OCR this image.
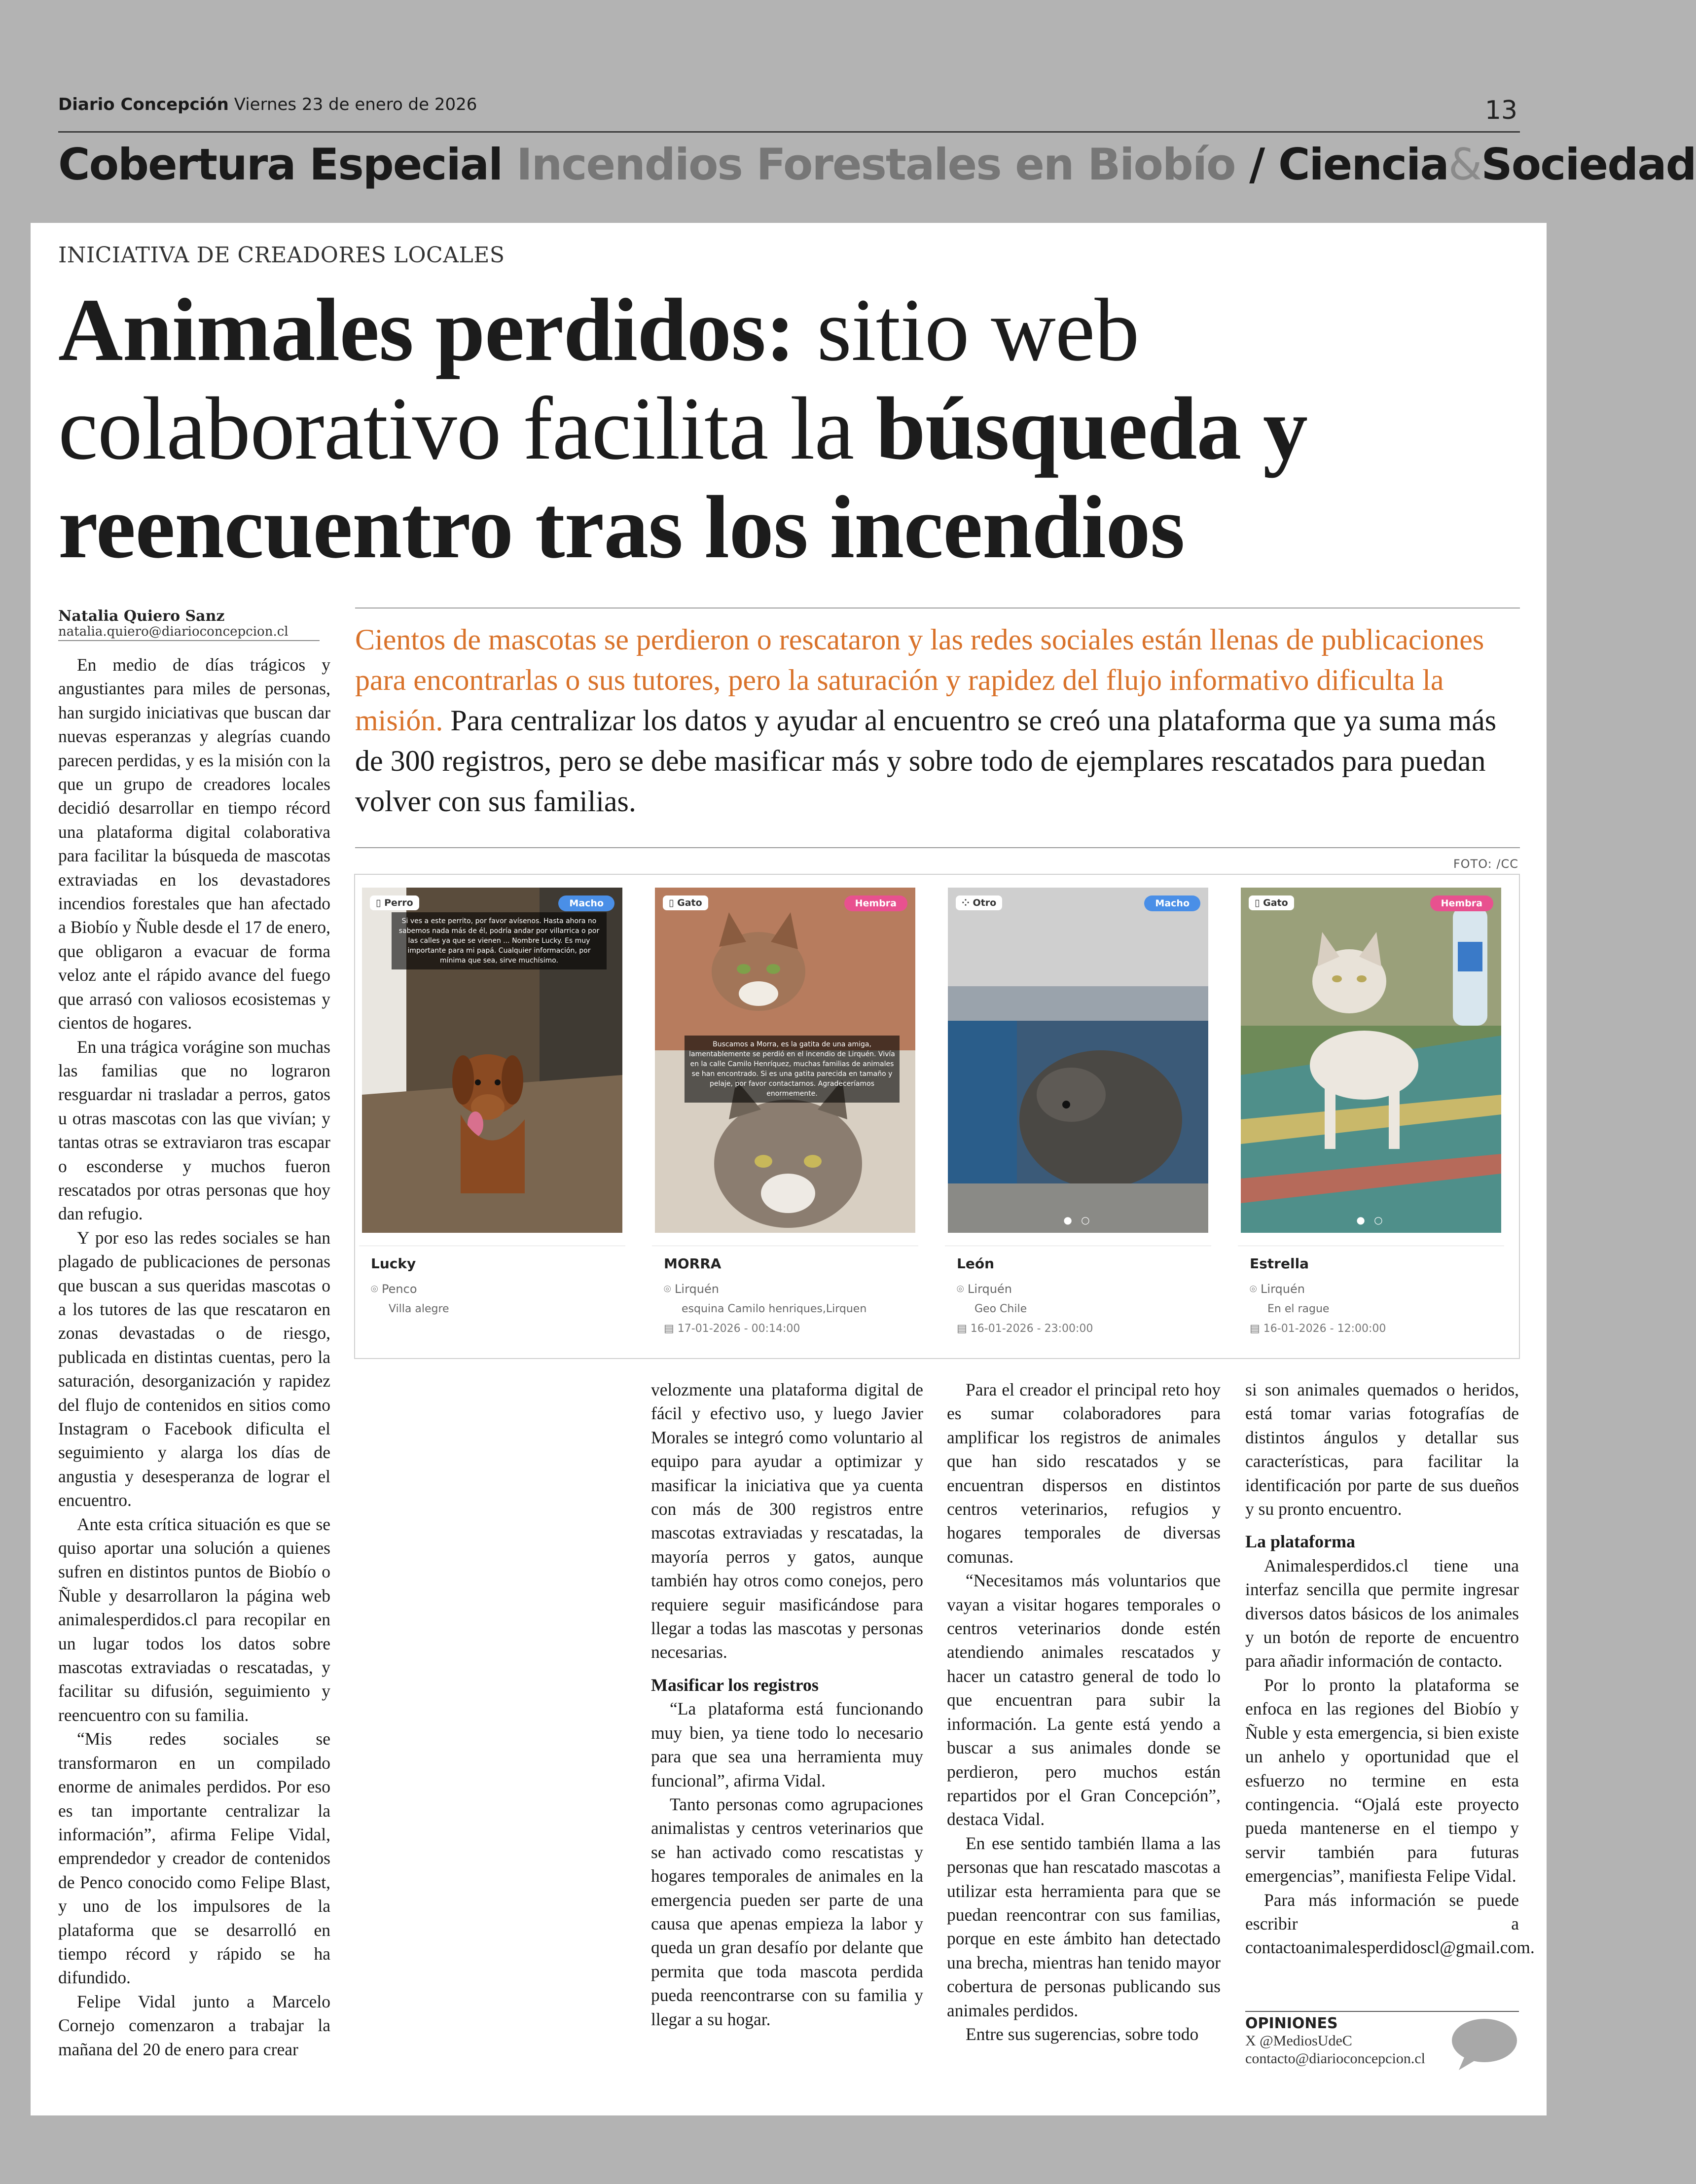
Diario Concepción Viernes 23 de enero de 2026	13
Cobertura Especial Incendios Forestales en Biobío / Ciencia&Sociedad
INICIATIVA DE CREADORES LOCALES
Animales perdidos: sitio web colaborativo facilita la búsqueda y reencuentro tras los incendios
Natalia Quiero Sanz
natalia.quiero@diarioconcepcion.cl Cientos de mascotas se perdieron o rescataron y las redes sociales están llenas de publicaciones para encontrarlas o sus tutores, pero la saturación y rapidez del flujo informativo dificulta la misión. Para centralizar los datos y ayudar al encuentro se creó una plataforma que ya suma más de 300 registros, pero se debe masificar más y sobre todo de ejemplares rescatados para puedan volver con sus familias.
FOTO: /CC
Si ves a este perrito, por favor avísenos. Hasta ahora no sabemos nada más de él, podría andar por villarrica o por las calles ya que se vienen ... Nombre Lucky. Es muy importante para mi papá. Cualquier información, por mínima que sea, sirve muchísimo.
▯ Perro	Macho
Lucky
⌾ Penco
Villa alegre
Buscamos a Morra, es la gatita de una amiga, lamentablemente se perdió en el incendio de Lirquén. Vivía en la calle Camilo Henríquez, muchas familias de animales se han encontrado. Si es una gatita parecida en tamaño y pelaje, por favor contactarnos. Agradeceríamos enormemente.
▯ Gato	Hembra
MORRA
⌾ Lirquén
esquina Camilo henriques,Lirquen
▤ 17-01-2026 - 00:14:00
⁘ Otro	Macho
● ○
León
⌾ Lirquén
Geo Chile
▤ 16-01-2026 - 23:00:00
▯ Gato	Hembra
● ○
Estrella
⌾ Lirquén
En el rague
▤ 16-01-2026 - 12:00:00

En medio de días trágicos y angustiantes para miles de personas, han surgido iniciativas que buscan dar nuevas esperanzas y alegrías cuando parecen perdidas, y es la misión con la que un grupo de creadores locales decidió desarrollar en tiempo récord una plataforma digital colaborativa para facilitar la búsqueda de mascotas extraviadas en los devastadores incendios forestales que han afectado a Biobío y Ñuble desde el 17 de enero, que obligaron a evacuar de forma veloz ante el rápido avance del fuego que arrasó con valiosos ecosistemas y cientos de hogares.

En una trágica vorágine son muchas las familias que no lograron resguardar ni trasladar a perros, gatos u otras mascotas con las que vivían; y tantas otras se extraviaron tras escapar o esconderse y muchos fueron rescatados por otras personas que hoy dan refugio.

Y por eso las redes sociales se han plagado de publicaciones de personas que buscan a sus queridas mascotas o a los tutores de las que rescataron en zonas devastadas o de riesgo, publicada en distintas cuentas, pero la saturación, desorganización y rapidez del flujo de contenidos en sitios como Instagram o Facebook dificulta el seguimiento y alarga los días de angustia y desesperanza de lograr el encuentro.

Ante esta crítica situación es que se quiso aportar una solución a quienes sufren en distintos puntos de Biobío o Ñuble y desarrollaron la página web animalesperdidos.cl para recopilar en un lugar todos los datos sobre mascotas extraviadas o rescatadas, y facilitar su difusión, seguimiento y reencuentro con su familia.

“Mis redes sociales se transformaron en un compilado enorme de animales perdidos. Por eso es tan importante centralizar la información”, afirma Felipe Vidal, emprendedor y creador de contenidos de Penco conocido como Felipe Blast, y uno de los impulsores de la plataforma que se desarrolló en tiempo récord y rápido se ha difundido.

Felipe Vidal junto a Marcelo Cornejo comenzaron a trabajar la mañana del 20 de enero para crear

velozmente una plataforma digital de fácil y efectivo uso, y luego Javier Morales se integró como voluntario al equipo para ayudar a optimizar y masificar la iniciativa que ya cuenta con más de 300 registros entre mascotas extraviadas y rescatadas, la mayoría perros y gatos, aunque también hay otros como conejos, pero requiere seguir masificándose para llegar a todas las mascotas y personas necesarias.

Masificar los registros

“La plataforma está funcionando muy bien, ya tiene todo lo necesario para que sea una herramienta muy funcional”, afirma Vidal.

Tanto personas como agrupaciones animalistas y centros veterinarios que se han activado como rescatistas y hogares temporales de animales en la emergencia pueden ser parte de una causa que apenas empieza la labor y queda un gran desafío por delante que permita que toda mascota perdida pueda reencontrarse con su familia y llegar a su hogar.

Para el creador el principal reto hoy es sumar colaboradores para amplificar los registros de animales que han sido rescatados y se encuentran dispersos en distintos centros veterinarios, refugios y hogares temporales de diversas comunas.

“Necesitamos más voluntarios que vayan a visitar hogares temporales o centros veterinarios donde estén atendiendo animales rescatados y hacer un catastro general de todo lo que encuentran para subir la información. La gente está yendo a buscar a sus animales donde se perdieron, pero muchos están repartidos por el Gran Concepción”, destaca Vidal.

En ese sentido también llama a las personas que han rescatado mascotas a utilizar esta herramienta para que se puedan reencontrar con sus familias, porque en este ámbito han detectado una brecha, mientras han tenido mayor cobertura de personas publicando sus animales perdidos.

Entre sus sugerencias, sobre todo

si son animales quemados o heridos, está tomar varias fotografías de distintos ángulos y detallar sus características, para facilitar la identificación por parte de sus dueños y su pronto encuentro.

La plataforma

Animalesperdidos.cl tiene una interfaz sencilla que permite ingresar diversos datos básicos de los animales y un botón de reporte de encuentro para añadir información de contacto.

Por lo pronto la plataforma se enfoca en las regiones del Biobío y Ñuble y esta emergencia, si bien existe un anhelo y oportunidad que el esfuerzo no termine en esta contingencia. “Ojalá este proyecto pueda mantenerse en el tiempo y servir también para futuras emergencias”, manifiesta Felipe Vidal.

Para más información se puede escribir a contactoanimalesperdidoscl@gmail.com.

OPINIONES
X @MediosUdeC
contacto@diarioconcepcion.cl
